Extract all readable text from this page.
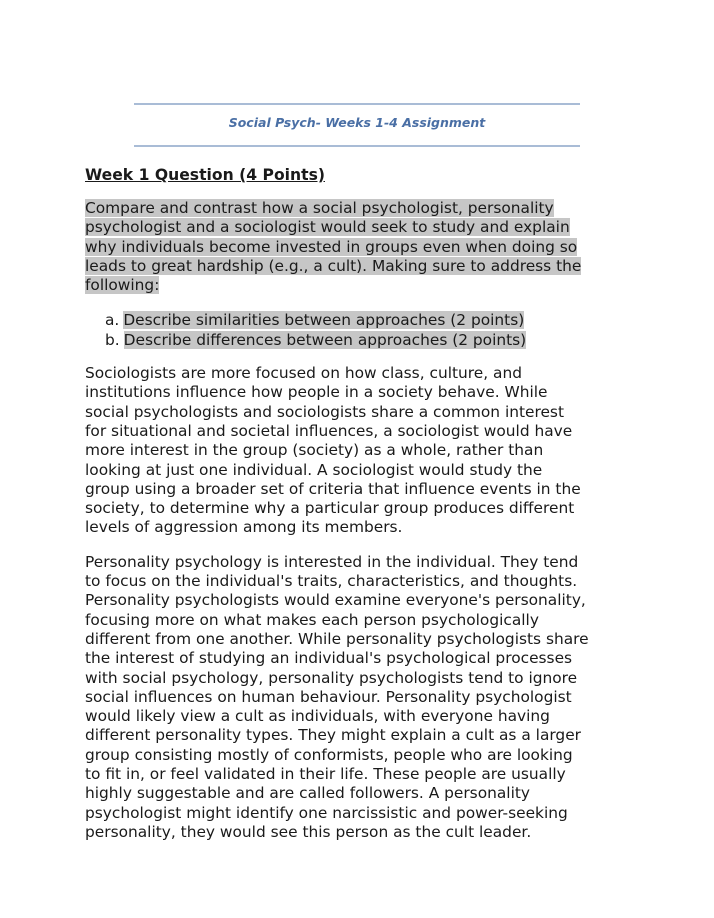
Social Psych- Weeks 1-4 Assignment
Week 1 Question (4 Points)
Compare and contrast how a social psychologist, personality
psychologist and a sociologist would seek to study and explain
why individuals become invested in groups even when doing so
leads to great hardship (e.g., a cult). Making sure to address the
following:
a. Describe similarities between approaches (2 points)
b. Describe differences between approaches (2 points)
Sociologists are more focused on how class, culture, and
institutions influence how people in a society behave. While
social psychologists and sociologists share a common interest
for situational and societal influences, a sociologist would have
more interest in the group (society) as a whole, rather than
looking at just one individual. A sociologist would study the
group using a broader set of criteria that influence events in the
society, to determine why a particular group produces different
levels of aggression among its members.
Personality psychology is interested in the individual. They tend
to focus on the individual's traits, characteristics, and thoughts.
Personality psychologists would examine everyone's personality,
focusing more on what makes each person psychologically
different from one another. While personality psychologists share
the interest of studying an individual's psychological processes
with social psychology, personality psychologists tend to ignore
social influences on human behaviour. Personality psychologist
would likely view a cult as individuals, with everyone having
different personality types. They might explain a cult as a larger
group consisting mostly of conformists, people who are looking
to fit in, or feel validated in their life. These people are usually
highly suggestable and are called followers. A personality
psychologist might identify one narcissistic and power-seeking
personality, they would see this person as the cult leader.
